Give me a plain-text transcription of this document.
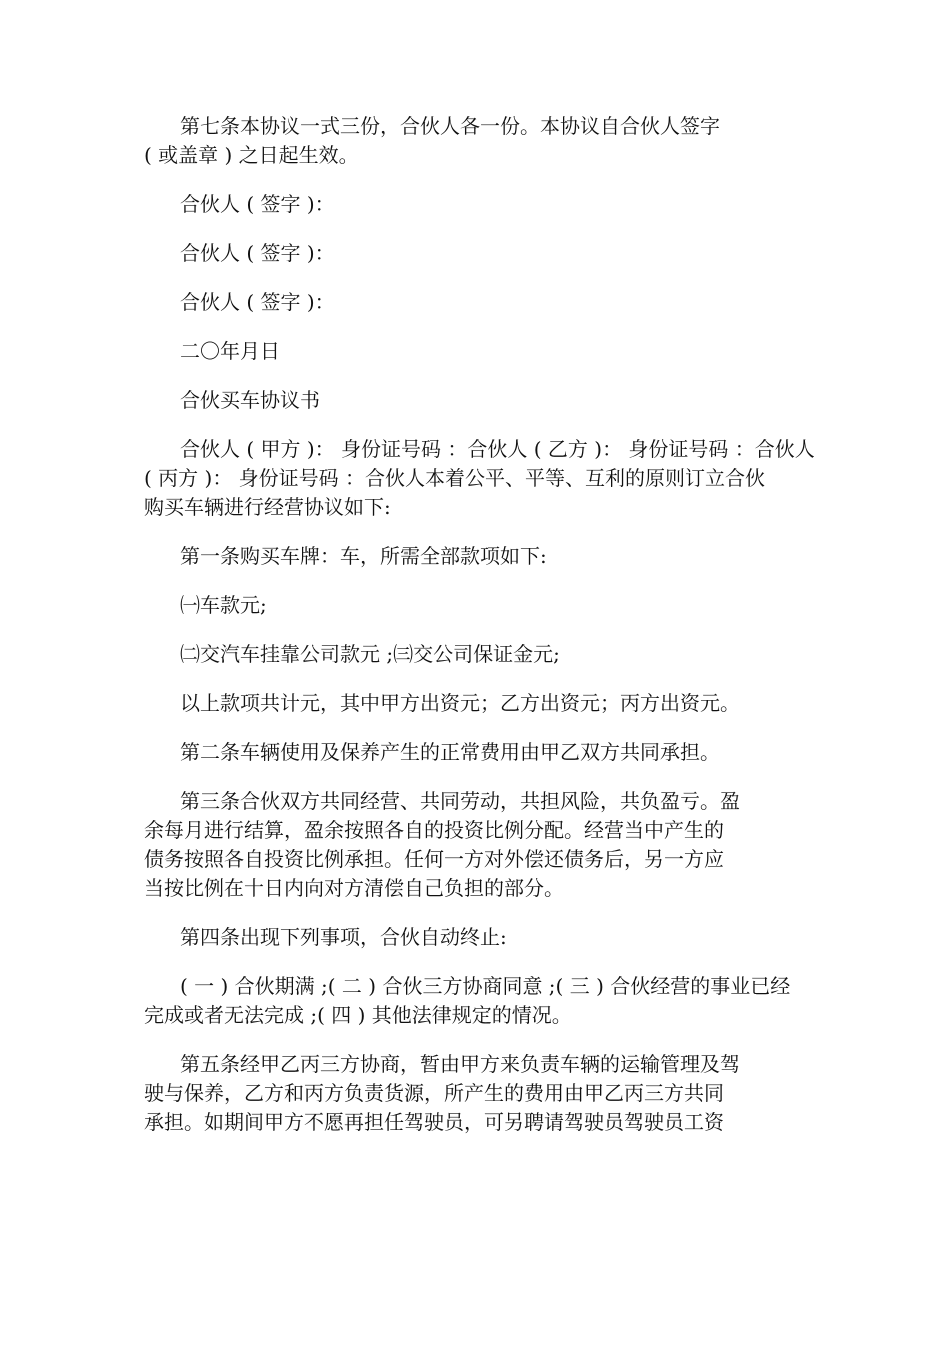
第七条本协议一式三份，合伙人各一份。本协议自合伙人签字
( 或盖章 ) 之日起生效。

合伙人 ( 签字 )：

合伙人 ( 签字 )：

合伙人 ( 签字 )：

二〇年月日

合伙买车协议书

合伙人 ( 甲方 )： 身份证号码 ：合伙人 ( 乙方 )： 身份证号码 ：合伙人
( 丙方 )： 身份证号码 ：合伙人本着公平、平等、互利的原则订立合伙
购买车辆进行经营协议如下:

第一条购买车牌：车，所需全部款项如下:

㈠车款元;

㈡交汽车挂靠公司款元 ;㈢交公司保证金元;

以上款项共计元，其中甲方出资元；乙方出资元；丙方出资元。

第二条车辆使用及保养产生的正常费用由甲乙双方共同承担。

第三条合伙双方共同经营、共同劳动，共担风险，共负盈亏。盈
余每月进行结算，盈余按照各自的投资比例分配。经营当中产生的
债务按照各自投资比例承担。任何一方对外偿还债务后，另一方应
当按比例在十日内向对方清偿自己负担的部分。

第四条出现下列事项，合伙自动终止:

( 一 ) 合伙期满 ;( 二 ) 合伙三方协商同意 ;( 三 ) 合伙经营的事业已经
完成或者无法完成 ;( 四 ) 其他法律规定的情况。

第五条经甲乙丙三方协商，暂由甲方来负责车辆的运输管理及驾
驶与保养，乙方和丙方负责货源，所产生的费用由甲乙丙三方共同
承担。如期间甲方不愿再担任驾驶员，可另聘请驾驶员驾驶员工资
